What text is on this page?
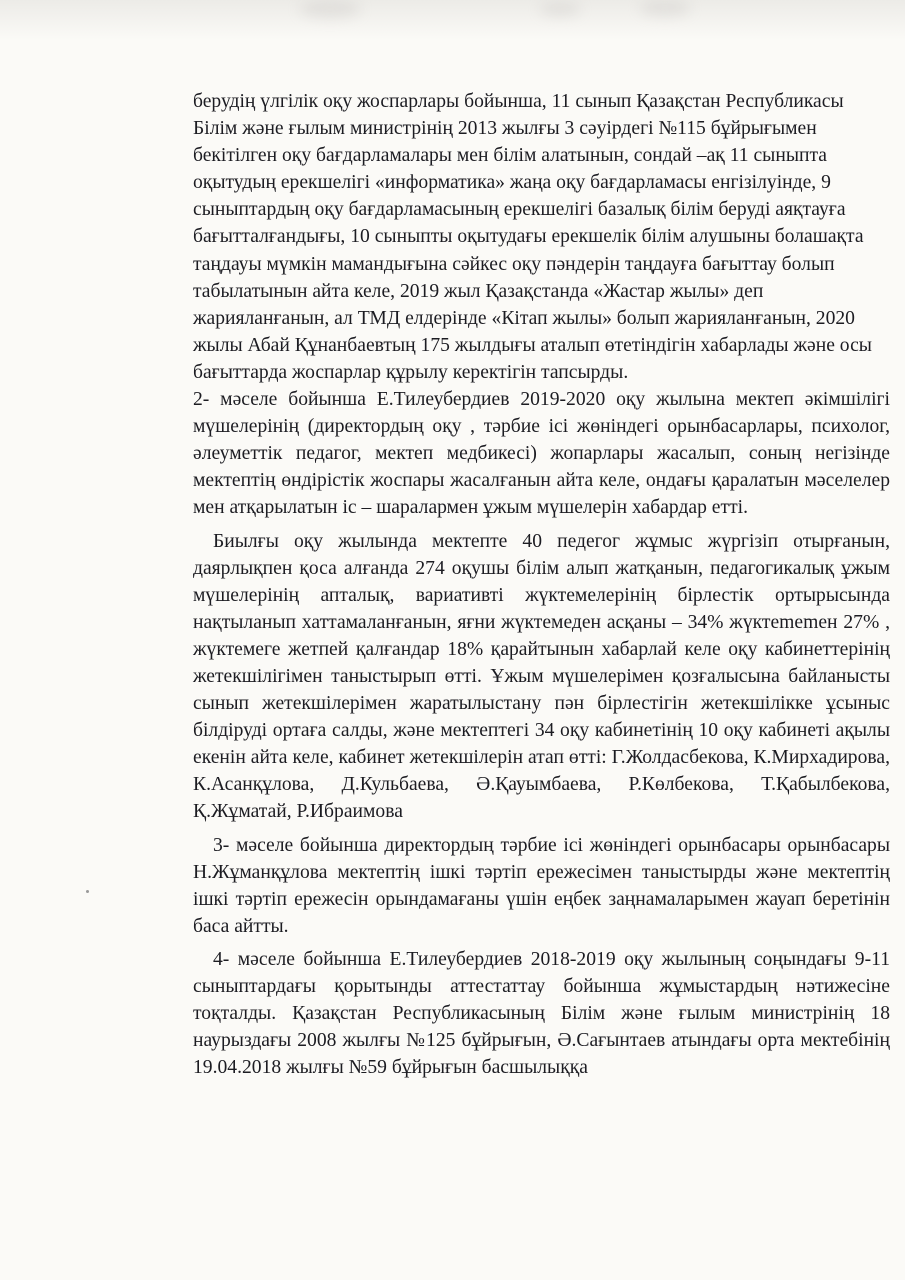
берудің үлгілік оқу жоспарлары бойынша, 11 сынып Қазақстан Республикасы Білім және ғылым министрінің 2013 жылғы 3 сәуірдегі №115 бұйрығымен бекітілген оқу бағдарламалары мен білім алатынын, сондай –ақ 11 сыныпта оқытудың ерекшелігі «информатика» жаңа оқу бағдарламасы енгізілуінде, 9 сыныптардың оқу бағдарламасының ерекшелігі базалық білім беруді аяқтауға бағытталғандығы, 10 сыныпты оқытудағы ерекшелік білім алушыны болашақта таңдауы мүмкін мамандығына сәйкес оқу пәндерін таңдауға бағыттау болып табылатынын айта келе, 2019 жыл Қазақстанда «Жастар жылы» деп жарияланғанын, ал ТМД елдерінде «Кітап жылы» болып жарияланғанын, 2020 жылы Абай Құнанбаевтың 175 жылдығы аталып өтетіндігін хабарлады және осы бағыттарда жоспарлар құрылу керектігін тапсырды.

2- мәселе бойынша Е.Тилеубердиев 2019-2020 оқу жылына мектеп әкімшілігі мүшелерінің (директордың оқу , тәрбие ісі жөніндегі орынбасарлары, психолог, әлеуметтік педагог, мектеп медбикесі) жопарлары жасалып, соның негізінде мектептің өндірістік жоспары жасалғанын айта келе, ондағы қаралатын мәселелер мен атқарылатын іс – шаралармен ұжым мүшелерін хабардар етті.

Биылғы оқу жылында мектепте 40 педегог жұмыс жүргізіп отырғанын, даярлықпен қоса алғанда 274 оқушы білім алып жатқанын, педагогикалық ұжым мүшелерінің апталық, вариативті жүктемелерінің бірлестік ортырысында нақтыланып хаттамаланғанын, яғни жүктемеден асқаны – 34% жүктememен 27% , жүктемеге жетпей қалғандар 18% қарайтынын хабарлай келе оқу кабинеттерінің жетекшілігімен таныстырып өтті. Ұжым мүшелерімен қозғалысына байланысты сынып жетекшілерімен жаратылыстану пән бірлестігін жетекшілікке ұсыныс білдіруді ортаға салды, және мектептегі 34 оқу кабинетінің 10 оқу кабинеті ақылы екенін айта келе, кабинет жетекшілерін атап өтті: Г.Жолдасбекова, К.Мирхадирова, К.Асанқұлова, Д.Кульбаева, Ә.Қауымбаева, Р.Көлбекова, Т.Қабылбекова, Қ.Жұматай, Р.Ибраимова

3- мәселе бойынша директордың тәрбие ісі жөніндегі орынбасары орынбасары Н.Жұманқұлова мектептің ішкі тәртіп ережесімен таныстырды және мектептің ішкі тәртіп ережесін орындамағаны үшін еңбек заңнамаларымен жауап беретінін баса айтты.

4- мәселе бойынша Е.Тилеубердиев 2018-2019 оқу жылының соңындағы 9-11 сыныптардағы қорытынды аттестаттау бойынша жұмыстардың нәтижесіне тоқталды. Қазақстан Республикасының Білім және ғылым министрінің 18 наурыздағы 2008 жылғы №125 бұйрығын, Ә.Сағынтаев атындағы орта мектебінің 19.04.2018 жылғы №59 бұйрығын басшылыққа
